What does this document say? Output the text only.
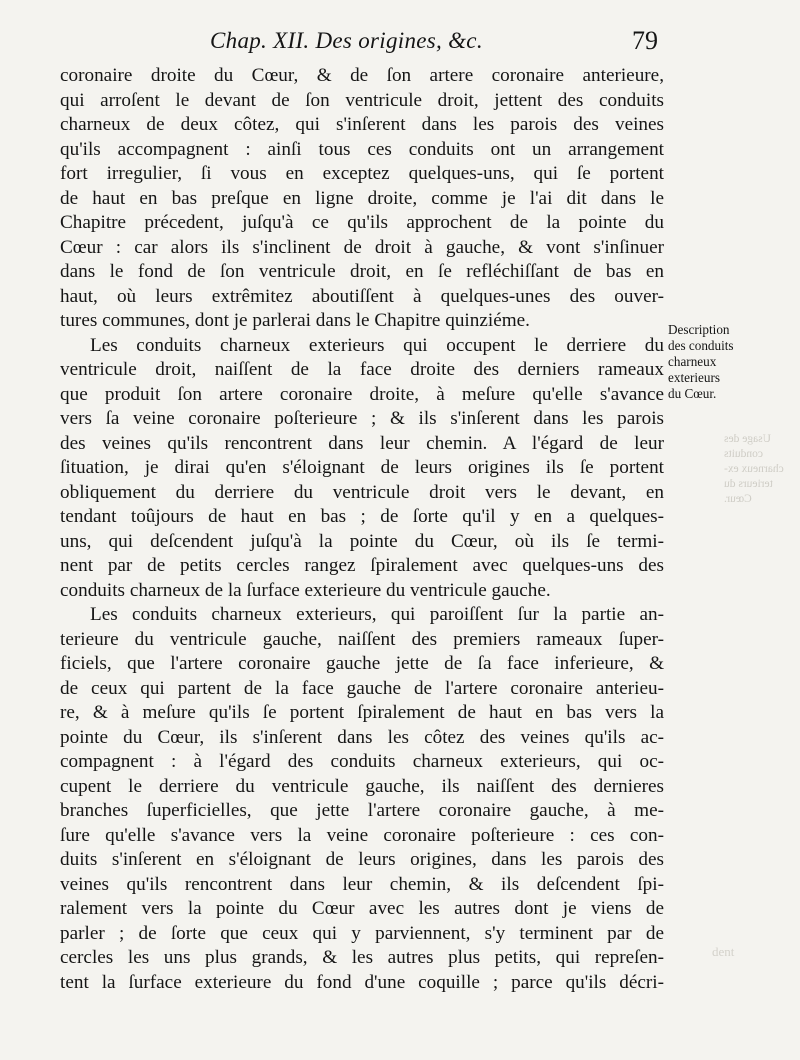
Chap. XII. Des origines, &c.	79
coronaire droite du Cœur, & de ſon artere coronaire anterieure,
qui arroſent le devant de ſon ventricule droit, jettent des conduits
charneux de deux côtez, qui s'inſerent dans les parois des veines
qu'ils accompagnent : ainſi tous ces conduits ont un arrangement
fort irregulier, ſi vous en exceptez quelques-uns, qui ſe portent
de haut en bas preſque en ligne droite, comme je l'ai dit dans le
Chapitre précedent, juſqu'à ce qu'ils approchent de la pointe du
Cœur : car alors ils s'inclinent de droit à gauche, & vont s'inſinuer
dans le fond de ſon ventricule droit, en ſe refléchiſſant de bas en
haut, où leurs extrêmitez aboutiſſent à quelques-unes des ouver-
tures communes, dont je parlerai dans le Chapitre quinziéme.
Les conduits charneux exterieurs qui occupent le derriere du
ventricule droit, naiſſent de la face droite des derniers rameaux
que produit ſon artere coronaire droite, à meſure qu'elle s'avance
vers ſa veine coronaire poſterieure ; & ils s'inſerent dans les parois
des veines qu'ils rencontrent dans leur chemin. A l'égard de leur
ſituation, je dirai qu'en s'éloignant de leurs origines ils ſe portent
obliquement du derriere du ventricule droit vers le devant, en
tendant toûjours de haut en bas ; de ſorte qu'il y en a quelques-
uns, qui deſcendent juſqu'à la pointe du Cœur, où ils ſe termi-
nent par de petits cercles rangez ſpiralement avec quelques-uns des
conduits charneux de la ſurface exterieure du ventricule gauche.
Les conduits charneux exterieurs, qui paroiſſent ſur la partie an-
terieure du ventricule gauche, naiſſent des premiers rameaux ſuper-
ficiels, que l'artere coronaire gauche jette de ſa face inferieure, &
de ceux qui partent de la face gauche de l'artere coronaire anterieu-
re, & à meſure qu'ils ſe portent ſpiralement de haut en bas vers la
pointe du Cœur, ils s'inſerent dans les côtez des veines qu'ils ac-
compagnent : à l'égard des conduits charneux exterieurs, qui oc-
cupent le derriere du ventricule gauche, ils naiſſent des dernieres
branches ſuperficielles, que jette l'artere coronaire gauche, à me-
ſure qu'elle s'avance vers la veine coronaire poſterieure : ces con-
duits s'inſerent en s'éloignant de leurs origines, dans les parois des
veines qu'ils rencontrent dans leur chemin, & ils deſcendent ſpi-
ralement vers la pointe du Cœur avec les autres dont je viens de
parler ; de ſorte que ceux qui y parviennent, s'y terminent par de
cercles les uns plus grands, & les autres plus petits, qui repreſen-
tent la ſurface exterieure du fond d'une coquille ; parce qu'ils décri-
Description
des conduits
charneux
exterieurs
du Cœur.
Usage des
conduits
charneux ex-
terieurs du
Cœur.
dent
